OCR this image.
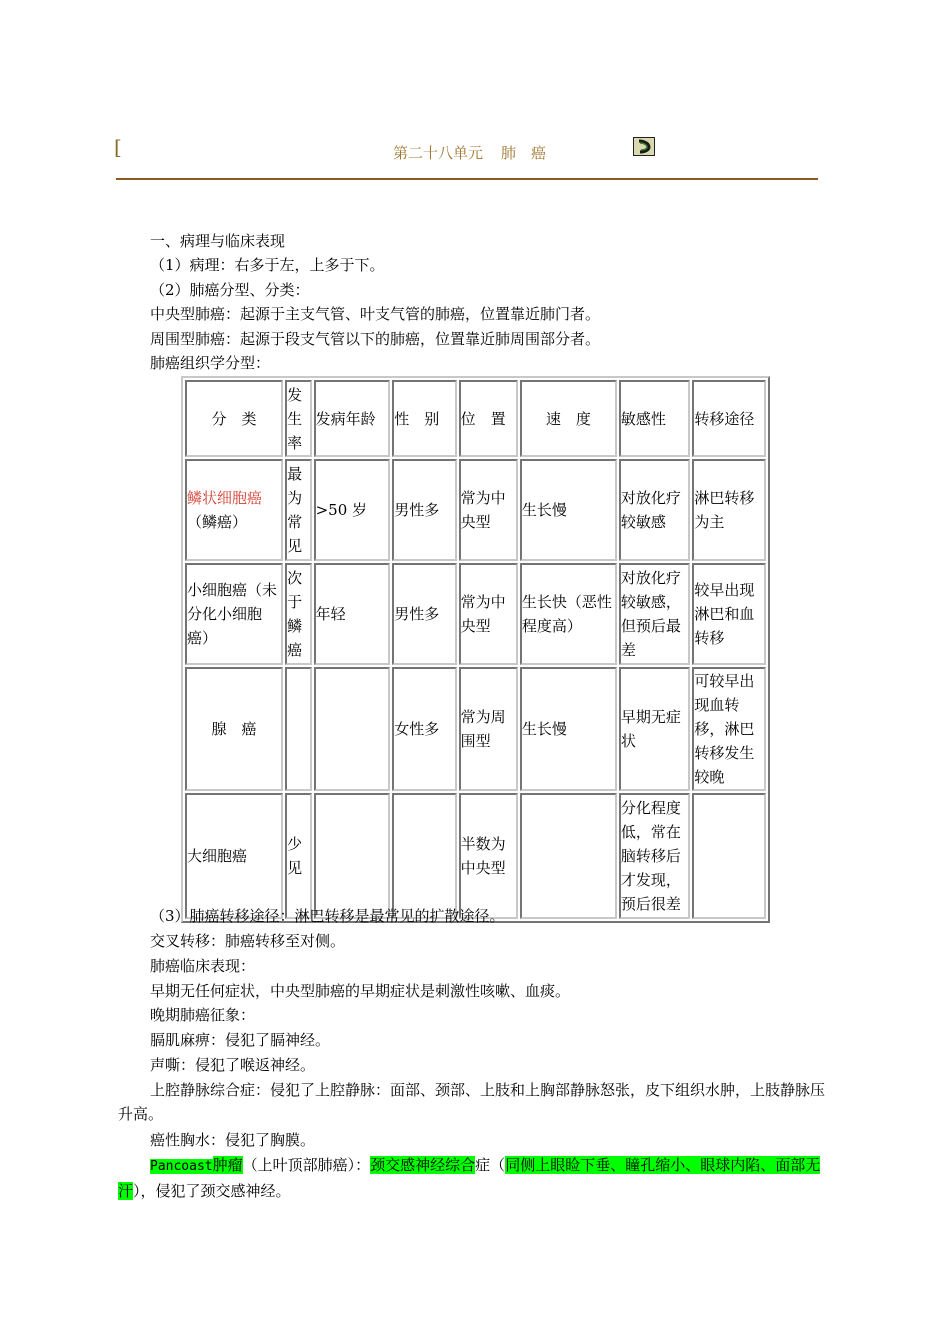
[	第二十八单元 肺　癌
一、病理与临床表现
（1）病理：右多于左，上多于下。
（2）肺癌分型、分类：
中央型肺癌：起源于主支气管、叶支气管的肺癌，位置靠近肺门者。
周围型肺癌：起源于段支气管以下的肺癌，位置靠近肺周围部分者。
肺癌组织学分型：
分　类	发生率	发病年龄	性　别	位　置	速　度	敏感性	转移途径
鳞状细胞癌
（鳞癌）	最为常见	>50 岁	男性多	常为中央型	生长慢	对放化疗较敏感	淋巴转移为主
小细胞癌（未分化小细胞癌）	次于鳞癌	年轻	男性多	常为中央型	生长快（恶性程度高）	对放化疗较敏感，但预后最差	较早出现淋巴和血转移
腺　癌			女性多	常为周围型	生长慢	早期无症状	可较早出现血转移，淋巴转移发生较晚
大细胞癌	少见			半数为中央型		分化程度低，常在脑转移后才发现，预后很差	
（3）肺癌转移途径：淋巴转移是最常见的扩散途径。
交叉转移：肺癌转移至对侧。
肺癌临床表现：
早期无任何症状，中央型肺癌的早期症状是刺激性咳嗽、血痰。
晚期肺癌征象：
膈肌麻痹：侵犯了膈神经。
声嘶：侵犯了喉返神经。
上腔静脉综合症：侵犯了上腔静脉：面部、颈部、上肢和上胸部静脉怒张，皮下组织水肿，上肢静脉压升高。
癌性胸水：侵犯了胸膜。
Pancoast肿瘤（上叶顶部肺癌）：颈交感神经综合症（同侧上眼睑下垂、瞳孔缩小、眼球内陷、面部无汗），侵犯了颈交感神经。
